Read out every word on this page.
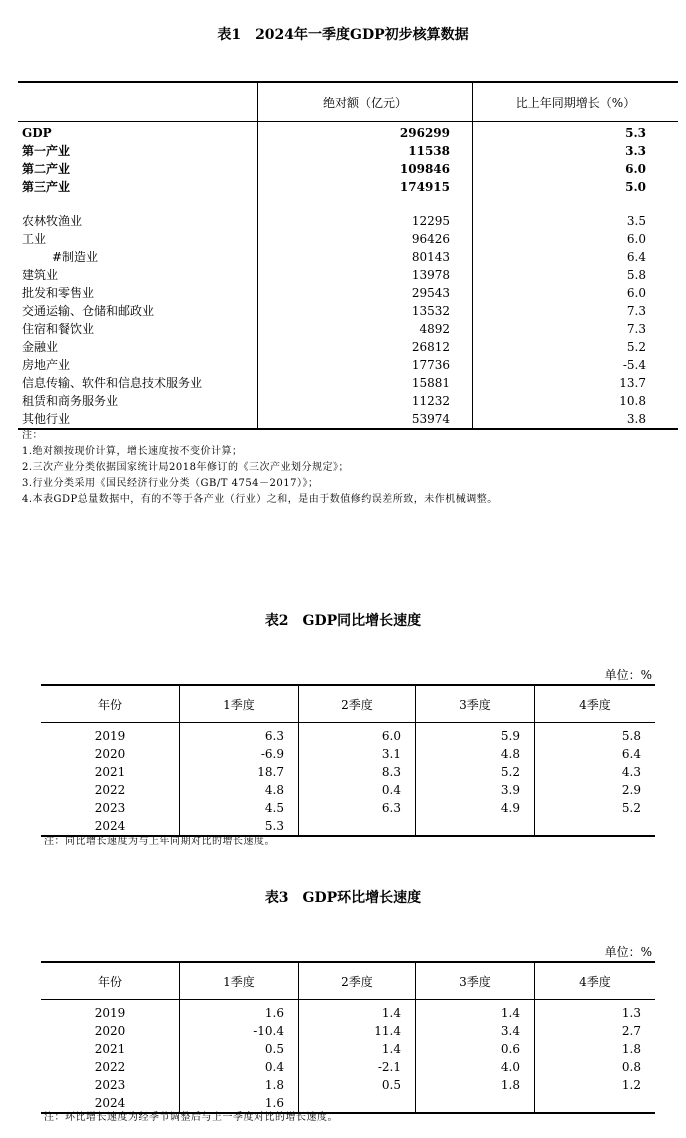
表1　2024年一季度GDP初步核算数据
	绝对额（亿元）	比上年同期增长（%）
GDP	296299	5.3
第一产业	11538	3.3
第二产业	109846	6.0
第三产业	174915	5.0

农林牧渔业	12295	3.5
工业	96426	6.0
#制造业	80143	6.4
建筑业	13978	5.8
批发和零售业	29543	6.0
交通运输、仓储和邮政业	13532	7.3
住宿和餐饮业	4892	7.3
金融业	26812	5.2
房地产业	17736	-5.4
信息传输、软件和信息技术服务业	15881	13.7
租赁和商务服务业	11232	10.8
其他行业	53974	3.8
注：
1.绝对额按现价计算，增长速度按不变价计算；
2.三次产业分类依据国家统计局2018年修订的《三次产业划分规定》；
3.行业分类采用《国民经济行业分类（GB/T 4754－2017）》；
4.本表GDP总量数据中，有的不等于各产业（行业）之和，是由于数值修约误差所致，未作机械调整。
表2　GDP同比增长速度
单位：%
年份	1季度	2季度	3季度	4季度
2019	6.3	6.0	5.9	5.8
2020	-6.9	3.1	4.8	6.4
2021	18.7	8.3	5.2	4.3
2022	4.8	0.4	3.9	2.9
2023	4.5	6.3	4.9	5.2
2024	5.3			
注：同比增长速度为与上年同期对比的增长速度。
表3　GDP环比增长速度
单位：%
年份	1季度	2季度	3季度	4季度
2019	1.6	1.4	1.4	1.3
2020	-10.4	11.4	3.4	2.7
2021	0.5	1.4	0.6	1.8
2022	0.4	-2.1	4.0	0.8
2023	1.8	0.5	1.8	1.2
2024	1.6			
注：环比增长速度为经季节调整后与上一季度对比的增长速度。
